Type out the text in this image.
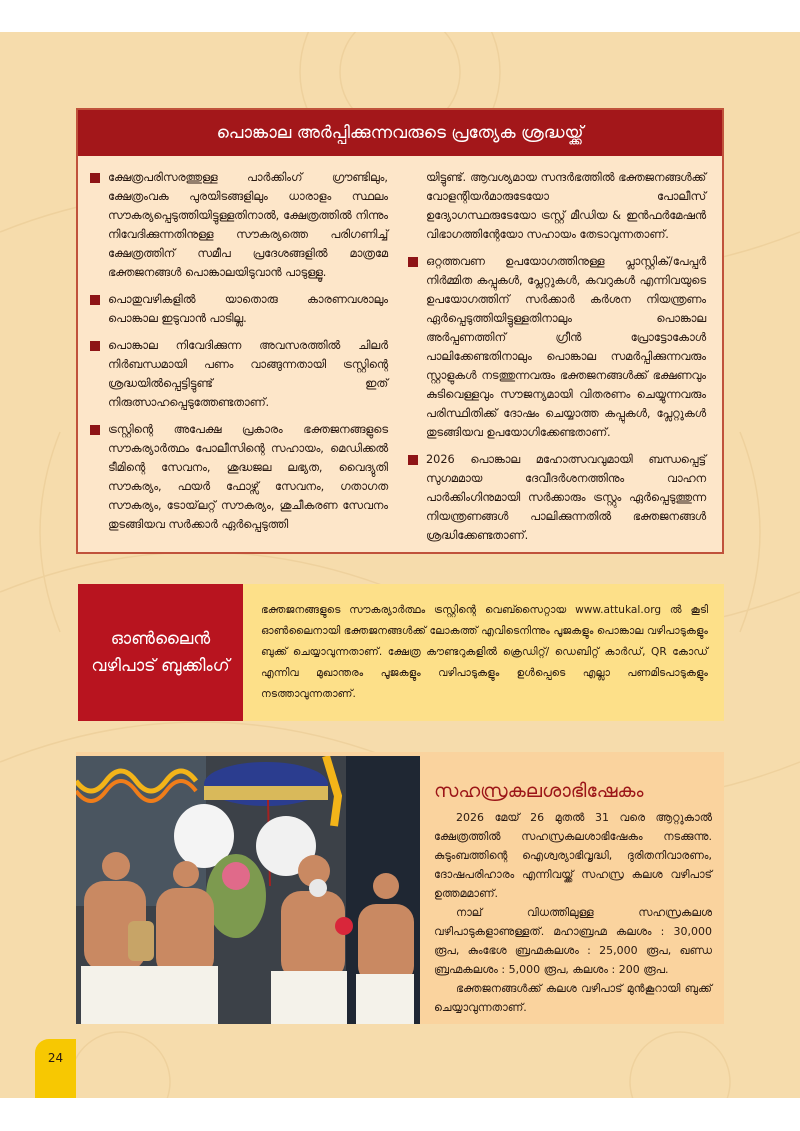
പൊങ്കാല അർപ്പിക്കുന്നവരുടെ പ്രത്യേക ശ്രദ്ധയ്ക്ക്
ക്ഷേത്രപരിസരത്തുള്ള പാർക്കിംഗ് ഗ്രൗണ്ടിലും, ക്ഷേത്രംവക പുരയിടങ്ങളിലും ധാരാളം സ്ഥലം സൗകര്യപ്പെടുത്തിയിട്ടുള്ളതിനാൽ, ക്ഷേത്രത്തിൽ നിന്നും നിവേദിക്കുന്നതിനുള്ള സൗകര്യത്തെ പരിഗണിച്ച് ക്ഷേത്രത്തിന് സമീപ പ്രദേശങ്ങളിൽ മാത്രമേ ഭക്തജനങ്ങൾ പൊങ്കാലയിടുവാൻ പാടുള്ളൂ.
പൊതുവഴികളിൽ യാതൊരു കാരണവശാലും പൊങ്കാല ഇടുവാൻ പാടില്ല.
പൊങ്കാല നിവേദിക്കുന്ന അവസരത്തിൽ ചിലർ നിർബന്ധമായി പണം വാങ്ങുന്നതായി ട്രസ്റ്റിന്റെ ശ്രദ്ധയിൽപ്പെട്ടിട്ടുണ്ട് ഇത് നിരുത്സാഹപ്പെടുത്തേണ്ടതാണ്.
ട്രസ്റ്റിന്റെ അപേക്ഷ പ്രകാരം ഭക്തജനങ്ങളുടെ സൗകര്യാർത്ഥം പോലീസിന്റെ സഹായം, മെഡിക്കൽ ടീമിന്റെ സേവനം, ശുദ്ധജല ലഭ്യത, വൈദ്യുതി സൗകര്യം, ഫയർ ഫോഴ്സ് സേവനം, ഗതാഗത സൗകര്യം, ടോയ്‌ലറ്റ് സൗകര്യം, ശുചീകരണ സേവനം തുടങ്ങിയവ സർക്കാർ ഏർപ്പെടുത്തി
യിട്ടുണ്ട്. ആവശ്യമായ സന്ദർഭത്തിൽ ഭക്തജനങ്ങൾക്ക് വോളന്റിയർമാരുടേയോ പോലീസ് ഉദ്യോഗസ്ഥരുടേയോ ട്രസ്റ്റ് മീഡിയ & ഇൻഫർമേഷൻ വിഭാഗത്തിന്റേയോ സഹായം തേടാവുന്നതാണ്.
ഒറ്റത്തവണ ഉപയോഗത്തിനുള്ള പ്ലാസ്റ്റിക്/പേപ്പർ നിർമ്മിത കപ്പുകൾ, പ്ലേറ്റുകൾ, കവറുകൾ എന്നിവയുടെ ഉപയോഗത്തിന് സർക്കാർ കർശന നിയന്ത്രണം ഏർപ്പെടുത്തിയിട്ടുള്ളതിനാലും പൊങ്കാല അർപ്പണത്തിന് ഗ്രീൻ പ്രോട്ടോകോൾ പാലിക്കേണ്ടതിനാലും പൊങ്കാല സമർപ്പിക്കുന്നവരും സ്റ്റാളുകൾ നടത്തുന്നവരും ഭക്തജനങ്ങൾക്ക് ഭക്ഷണവും കുടിവെള്ളവും സൗജന്യമായി വിതരണം ചെയ്യുന്നവരും പരിസ്ഥിതിക്ക് ദോഷം ചെയ്യാത്ത കപ്പുകൾ, പ്ലേറ്റുകൾ തുടങ്ങിയവ ഉപയോഗിക്കേണ്ടതാണ്.
2026 പൊങ്കാല മഹോത്സവവുമായി ബന്ധപ്പെട്ട് സുഗമമായ ദേവീദർശനത്തിനും വാഹന പാർക്കിംഗിനുമായി സർക്കാരും ട്രസ്റ്റും ഏർപ്പെടുത്തുന്ന നിയന്ത്രണങ്ങൾ പാലിക്കുന്നതിൽ ഭക്തജനങ്ങൾ ശ്രദ്ധിക്കേണ്ടതാണ്.
ഓൺലൈൻ
വഴിപാട് ബുക്കിംഗ്
ഭക്തജനങ്ങളുടെ സൗകര്യാർത്ഥം ട്രസ്റ്റിന്റെ വെബ്സൈറ്റായ www.attukal.org ൽ കൂടി ഓൺലൈനായി ഭക്തജനങ്ങൾക്ക് ലോകത്ത് എവിടെനിന്നും പൂജകളും പൊങ്കാല വഴിപാടുകളും ബുക്ക് ചെയ്യാവുന്നതാണ്. ക്ഷേത്ര കൗണ്ടറുകളിൽ ക്രെഡിറ്റ്/ ഡെബിറ്റ് കാർഡ്, QR കോഡ് എന്നിവ മുഖാന്തരം പൂജകളും വഴിപാടുകളും ഉൾപ്പെടെ എല്ലാ പണമിടപാടുകളും നടത്താവുന്നതാണ്.
സഹസ്രകലശാഭിഷേകം

2026 മേയ് 26 മുതൽ 31 വരെ ആറ്റുകാൽ ക്ഷേത്രത്തിൽ സഹസ്രകലശാഭിഷേകം നടക്കുന്നു. കുടുംബത്തിന്റെ ഐശ്വര്യാഭിവൃദ്ധി, ദുരിതനിവാരണം, ദോഷപരിഹാരം എന്നിവയ്ക്ക് സഹസ്ര കലശ വഴിപാട് ഉത്തമമാണ്.

നാല് വിധത്തിലുള്ള സഹസ്രകലശ വഴിപാടുകളാണുള്ളത്. മഹാബ്രഹ്മ കലശം : 30,000 രൂപ, കുംഭേശ ബ്രഹ്മകലശം : 25,000 രൂപ, ഖണ്ഡ ബ്രഹ്മകലശം : 5,000 രൂപ, കലശം : 200 രൂപ.

ഭക്തജനങ്ങൾക്ക് കലശ വഴിപാട് മുൻകൂറായി ബുക്ക് ചെയ്യാവുന്നതാണ്.

24
